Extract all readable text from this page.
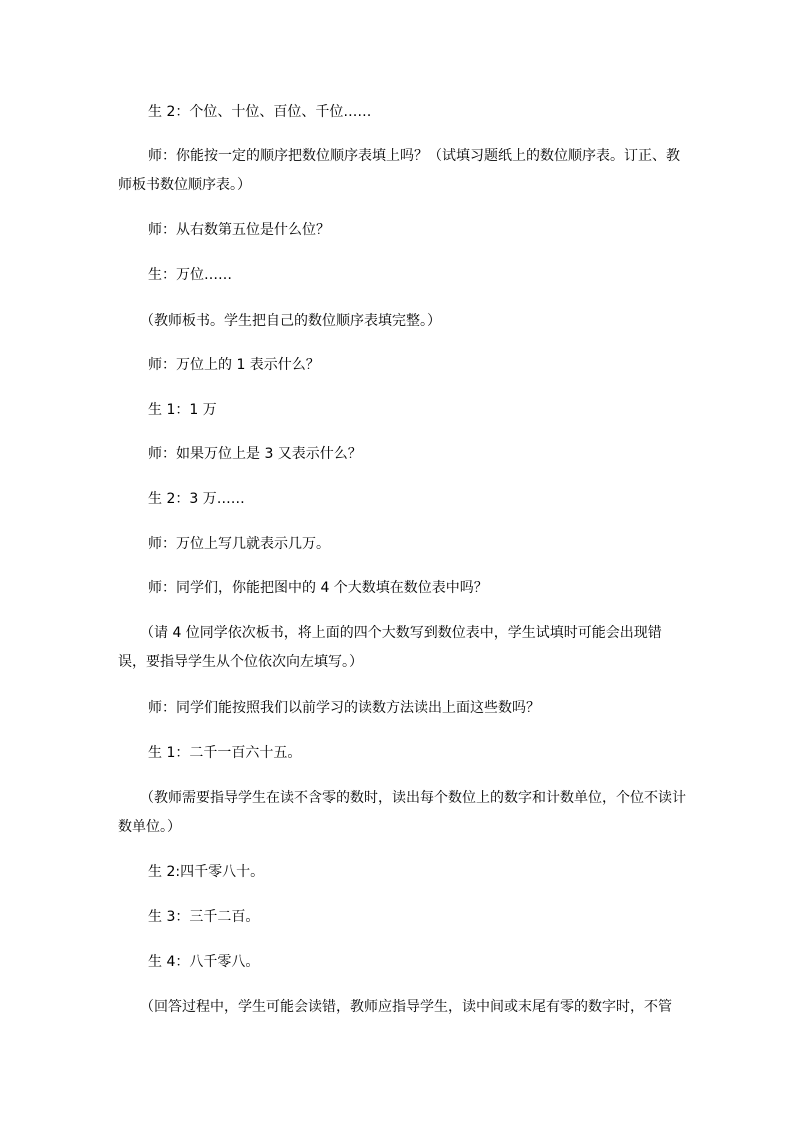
生 2：个位、十位、百位、千位……
师：你能按一定的顺序把数位顺序表填上吗？（试填习题纸上的数位顺序表。订正、教师板书数位顺序表。）
师：从右数第五位是什么位？
生：万位……
（教师板书。学生把自己的数位顺序表填完整。）
师：万位上的 1 表示什么？
生 1：1 万
师：如果万位上是 3 又表示什么？
生 2：3 万……
师：万位上写几就表示几万。
师：同学们，你能把图中的 4 个大数填在数位表中吗？
（请 4 位同学依次板书，将上面的四个大数写到数位表中，学生试填时可能会出现错误，要指导学生从个位依次向左填写。）
师：同学们能按照我们以前学习的读数方法读出上面这些数吗？
生 1：二千一百六十五。
（教师需要指导学生在读不含零的数时，读出每个数位上的数字和计数单位，个位不读计数单位。）
生 2:四千零八十。
生 3：三千二百。
生 4：八千零八。
（回答过程中，学生可能会读错，教师应指导学生，读中间或末尾有零的数字时，不管
